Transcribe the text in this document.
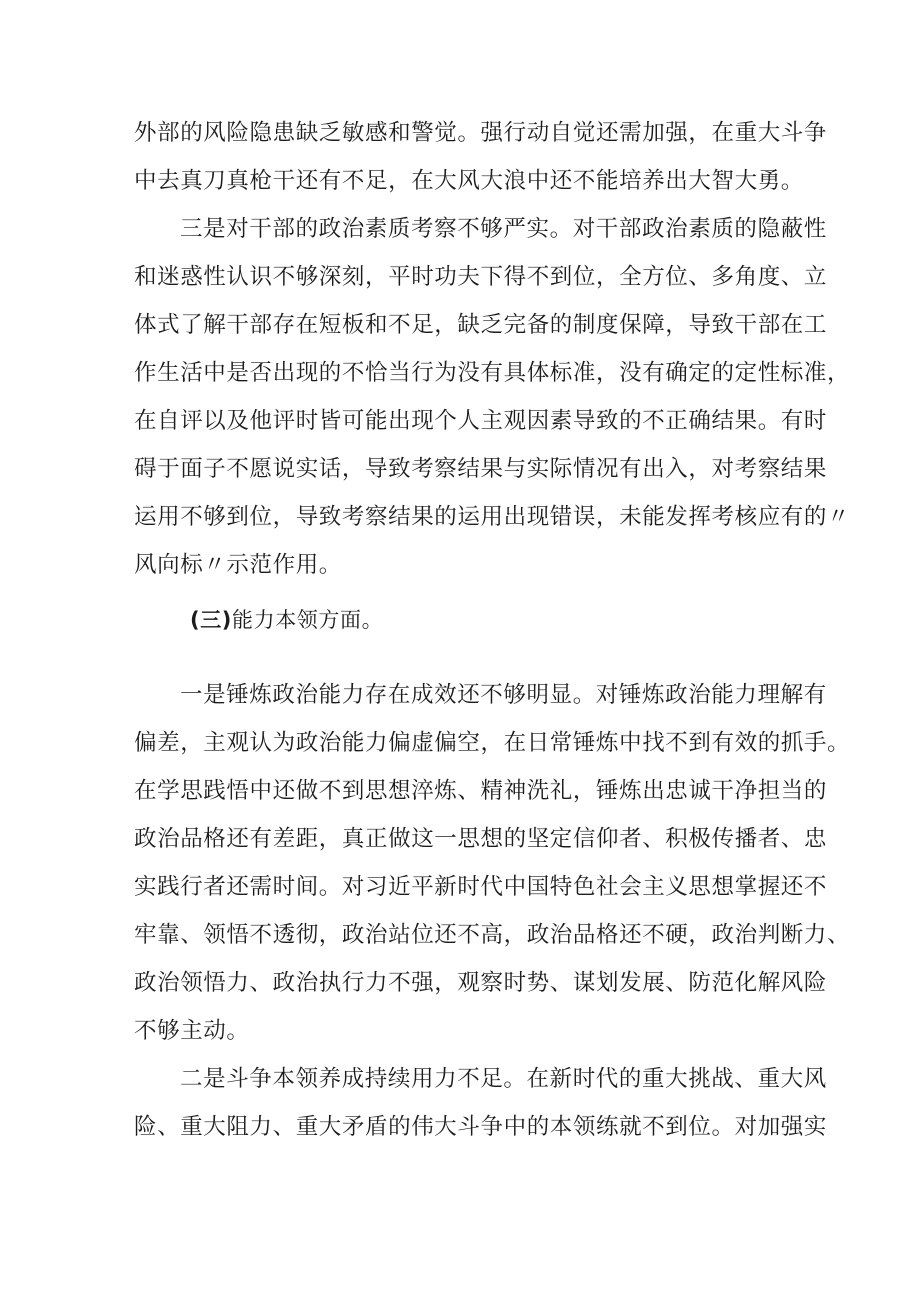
外部的风险隐患缺乏敏感和警觉。强行动自觉还需加强，在重大斗争
中去真刀真枪干还有不足，在大风大浪中还不能培养出大智大勇。
三是对干部的政治素质考察不够严实。对干部政治素质的隐蔽性
和迷惑性认识不够深刻，平时功夫下得不到位，全方位、多角度、立
体式了解干部存在短板和不足，缺乏完备的制度保障，导致干部在工
作生活中是否出现的不恰当行为没有具体标准，没有确定的定性标准，
在自评以及他评时皆可能出现个人主观因素导致的不正确结果。有时
碍于面子不愿说实话，导致考察结果与实际情况有出入，对考察结果
运用不够到位，导致考察结果的运用出现错误，未能发挥考核应有的〃
风向标〃示范作用。
(三)能力本领方面。
一是锤炼政治能力存在成效还不够明显。对锤炼政治能力理解有
偏差，主观认为政治能力偏虚偏空，在日常锤炼中找不到有效的抓手。
在学思践悟中还做不到思想淬炼、精神洗礼，锤炼出忠诚干净担当的
政治品格还有差距，真正做这一思想的坚定信仰者、积极传播者、忠
实践行者还需时间。对习近平新时代中国特色社会主义思想掌握还不
牢靠、领悟不透彻，政治站位还不高，政治品格还不硬，政治判断力、
政治领悟力、政治执行力不强，观察时势、谋划发展、防范化解风险
不够主动。
二是斗争本领养成持续用力不足。在新时代的重大挑战、重大风
险、重大阻力、重大矛盾的伟大斗争中的本领练就不到位。对加强实
